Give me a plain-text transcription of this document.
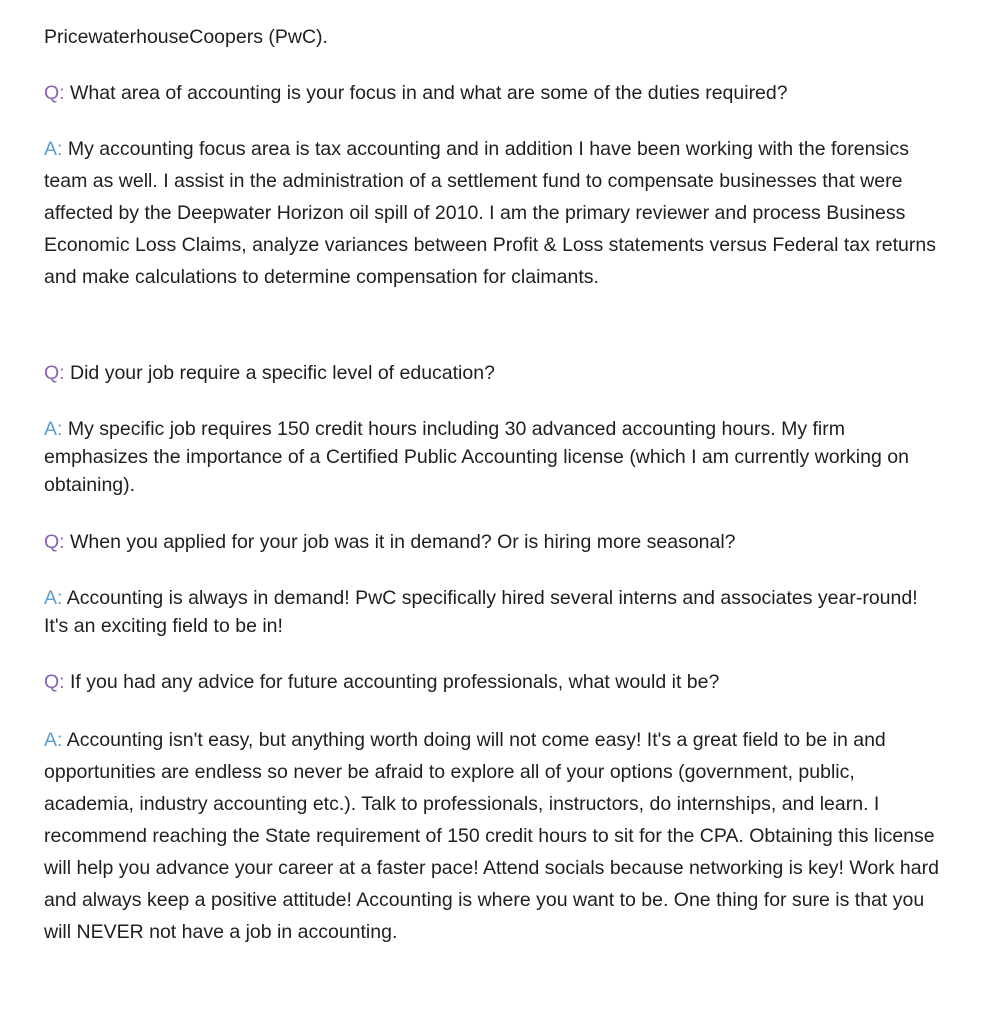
PricewaterhouseCoopers (PwC).
Q: What area of accounting is your focus in and what are some of the duties required?
A: My accounting focus area is tax accounting and in addition I have been working with the forensics team as well. I assist in the administration of a settlement fund to compensate businesses that were affected by the Deepwater Horizon oil spill of 2010. I am the primary reviewer and process Business Economic Loss Claims, analyze variances between Profit & Loss statements versus Federal tax returns and make calculations to determine compensation for claimants.
Q: Did your job require a specific level of education?
A: My specific job requires 150 credit hours including 30 advanced accounting hours. My firm emphasizes the importance of a Certified Public Accounting license (which I am currently working on obtaining).
Q: When you applied for your job was it in demand? Or is hiring more seasonal?
A: Accounting is always in demand! PwC specifically hired several interns and associates year-round! It's an exciting field to be in!
Q: If you had any advice for future accounting professionals, what would it be?
A: Accounting isn't easy, but anything worth doing will not come easy! It's a great field to be in and opportunities are endless so never be afraid to explore all of your options (government, public, academia, industry accounting etc.). Talk to professionals, instructors, do internships, and learn. I recommend reaching the State requirement of 150 credit hours to sit for the CPA. Obtaining this license will help you advance your career at a faster pace! Attend socials because networking is key! Work hard and always keep a positive attitude! Accounting is where you want to be. One thing for sure is that you will NEVER not have a job in accounting.
